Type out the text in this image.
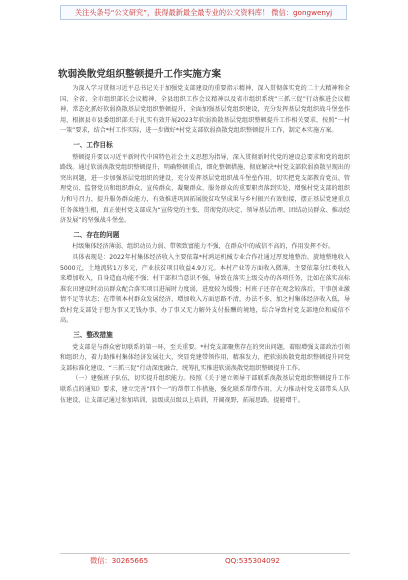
关注头条号“公文研究”，获得最新最全最专业的公文资料库！ 微信：gongwenyj
软弱涣散党组织整顿提升工作实施方案

为深入学习贯彻习近平总书记关于加强党支部建设的重要指示精神，深入贯彻落实党的二十大精神和全国、全省、全市组织部长会议精神、全县组织工作会议精神以及省市组织系统“三抓三促”行动推进会议精神，常态化抓好软弱涣散基层党组织整顿提升，全面加强基层党组织建设，充分发挥基层党组织战斗堡垒作用，根据县市县委组织部关于扎实有效开展2023年软弱涣散基层党组织整顿提升工作相关要求，按照“一村一策”要求，结合*村工作实际，进一步做好*村党支部软弱涣散党组织整顿提升工作，制定本实施方案。

一、工作目标

整顿提升要以习近平新时代中国特色社会主义思想为指导，深入贯彻新时代党的建设总要求和党的组织路线。通过软弱涣散党组织整顿提升，明确整顿重点，细化整顿措施，彻底解决*村党支部软弱涣散呈现出的突出问题，进一步加强基层党组织的建设，充分发挥基层党组织战斗堡垒作用，切实把党支部教育党员、管理党员、监督党员和组织群众、宣传群众、凝聚群众、服务群众的重要职责落到实处，增强村党支部的组织力和号召力，提升服务群众能力，有效推进巩固拓展脱贫攻坚成果与乡村振兴有效衔接，摆正基层党建重点任务落地生根，真正使村党支部成为“宣传党的主张、贯彻党的决定、领导基层治理、团结动员群众、推动经济发展”的坚强战斗堡垒。

二、存在的问题

村级集体经济薄弱、组织动员力弱、带领致富能力不强，在群众中的威信不高的，作用发挥不好。

具体表现是：2022年村集体经济收入主要依靠*村鸿运机械专业合作社通过厚度地整治、旋地整地收入5000元，土地流转1万多元，产业扶贫项目收益4.9万元。本村产业等方面收入微薄，主要依靠分红类收入来增加收入，自身造血功能不强；村干部担当意识不强，导致在落实上级交办的各项任务，比如在落实高标准农田建设时动员群众配合落实项目进展时力度弱，进度较为缓慢；村班子还存在观念较落后，干事创业激情不足等状态；在带领本村群众发展经济，增加收入方面思路不清，办法不多，加之村集体经济收入低，导致村党支部处于想为事又无钱办事、办了事又无力解外支付报酬的境地，综合导致村党支部地位和威信不高。

三、整改措施

党支部是与群众密切联系的第一环，至关重要。*村党支部聚焦存在的突出问题，着眼增强支部政治引领和组织力，着力助推村集体经济发展壮大，突显党建带领作用，精准发力，把软弱涣散党组织整顿提升同党支部标准化建设、“三抓三促”行动深度融合，统筹扎实推进软弱涣散党组织整顿提升工作。

（一）建强班子队伍，切实提升组织能力。按照《关于建立领导干部联系涣散基层党组织整顿提升工作联系点的通知》要求，建立完善“四个一”的帮带工作措施，强化联系帮带作用，大力推动村党支部带头人队伍建设，让支部记通过参加培训、县级成员级以上培训，开阔视野，拓展思路，提能增干。

微信：30265665	QQ:535304092
